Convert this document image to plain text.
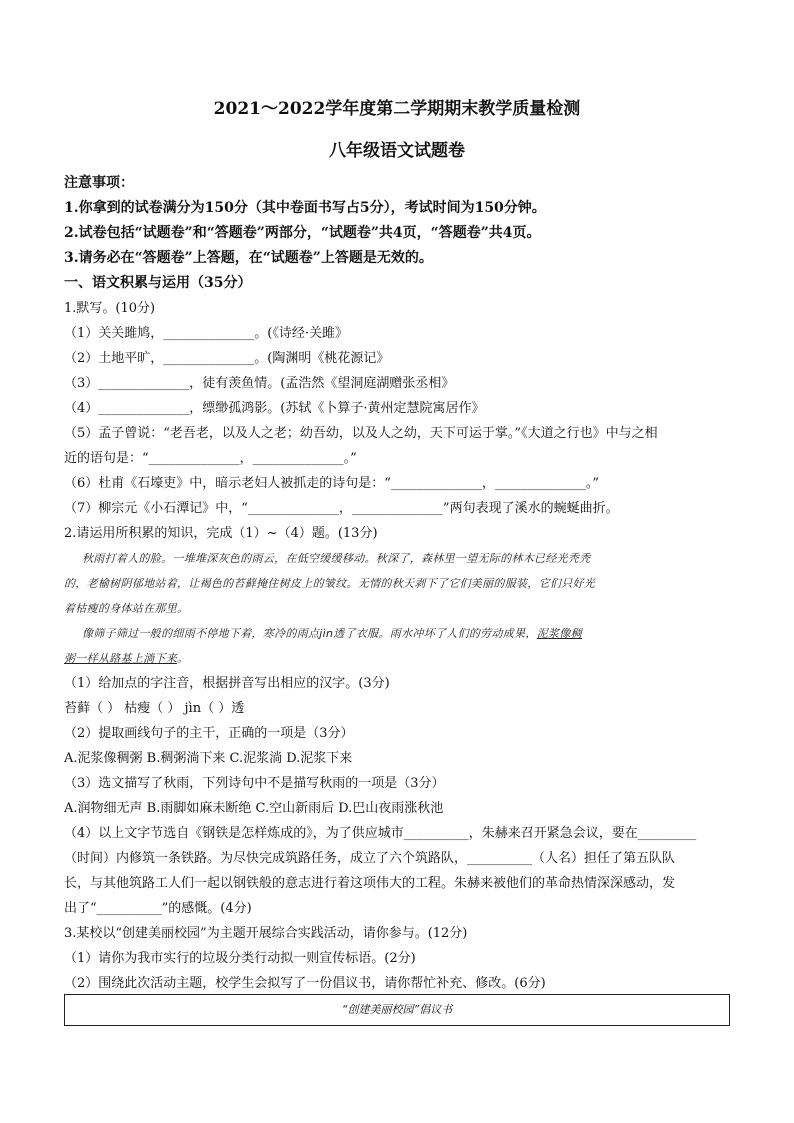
2021～2022学年度第二学期期末教学质量检测
八年级语文试题卷
注意事项：
1.你拿到的试卷满分为150分（其中卷面书写占5分），考试时间为150分钟。
2.试卷包括“试题卷”和“答题卷”两部分，“试题卷”共4页，“答题卷”共4页。
3.请务必在“答题卷”上答题，在“试题卷”上答题是无效的。
一、语文积累与运用（35分）
1.默写。(10分)
（1）关关雎鸠，______________。(《诗经·关雎》
（2）土地平旷，______________。(陶渊明《桃花源记》
（3）______________，徒有羡鱼情。(孟浩然《望洞庭湖赠张丞相》
（4）______________，缥缈孤鸿影。(苏轼《卜算子·黄州定慧院寓居作》
（5）孟子曾说：“老吾老，以及人之老；幼吾幼，以及人之幼，天下可运于掌。”《大道之行也》中与之相
近的语句是：“______________，______________。”
（6）杜甫《石壕吏》中，暗示老妇人被抓走的诗句是：“______________，______________。”
（7）柳宗元《小石潭记》中，“______________，______________”两句表现了溪水的蜿蜒曲折。
2.请运用所积累的知识，完成（1）~（4）题。(13分)
秋雨打着人的脸。一堆堆深灰色的雨云，在低空缓缓移动。秋深了，森林里一望无际的林木已经光秃秃
的，老榆树阴郁地站着，让褐色的苔藓掩住树皮上的皱纹。无情的秋天剥下了它们美丽的服装，它们只好光
着枯瘦的身体站在那里。
像筛子筛过一般的细雨不停地下着，寒冷的雨点jìn透了衣服。雨水冲坏了人们的劳动成果，泥浆像稠
粥一样从路基上淌下来。
（1）给加点的字注音，根据拼音写出相应的汉字。(3分)
苔藓（ ） 枯瘦（ ） jìn（ ）透
（2）提取画线句子的主干，正确的一项是（3分）
A.泥浆像稠粥 B.稠粥淌下来 C.泥浆淌 D.泥浆下来
（3）选文描写了秋雨，下列诗句中不是描写秋雨的一项是（3分）
A.润物细无声 B.雨脚如麻未断绝 C.空山新雨后 D.巴山夜雨涨秋池
（4）以上文字节选自《钢铁是怎样炼成的》，为了供应城市__________，朱赫来召开紧急会议，要在_________
（时间）内修筑一条铁路。为尽快完成筑路任务，成立了六个筑路队，__________（人名）担任了第五队队
长，与其他筑路工人们一起以钢铁般的意志进行着这项伟大的工程。朱赫来被他们的革命热情深深感动，发
出了“__________”的感慨。(4分)
3.某校以“创建美丽校园”为主题开展综合实践活动，请你参与。(12分)
（1）请你为我市实行的垃圾分类行动拟一则宣传标语。(2分)
（2）围绕此次活动主题，校学生会拟写了一份倡议书，请你帮忙补充、修改。(6分)
“创建美丽校园”倡议书
